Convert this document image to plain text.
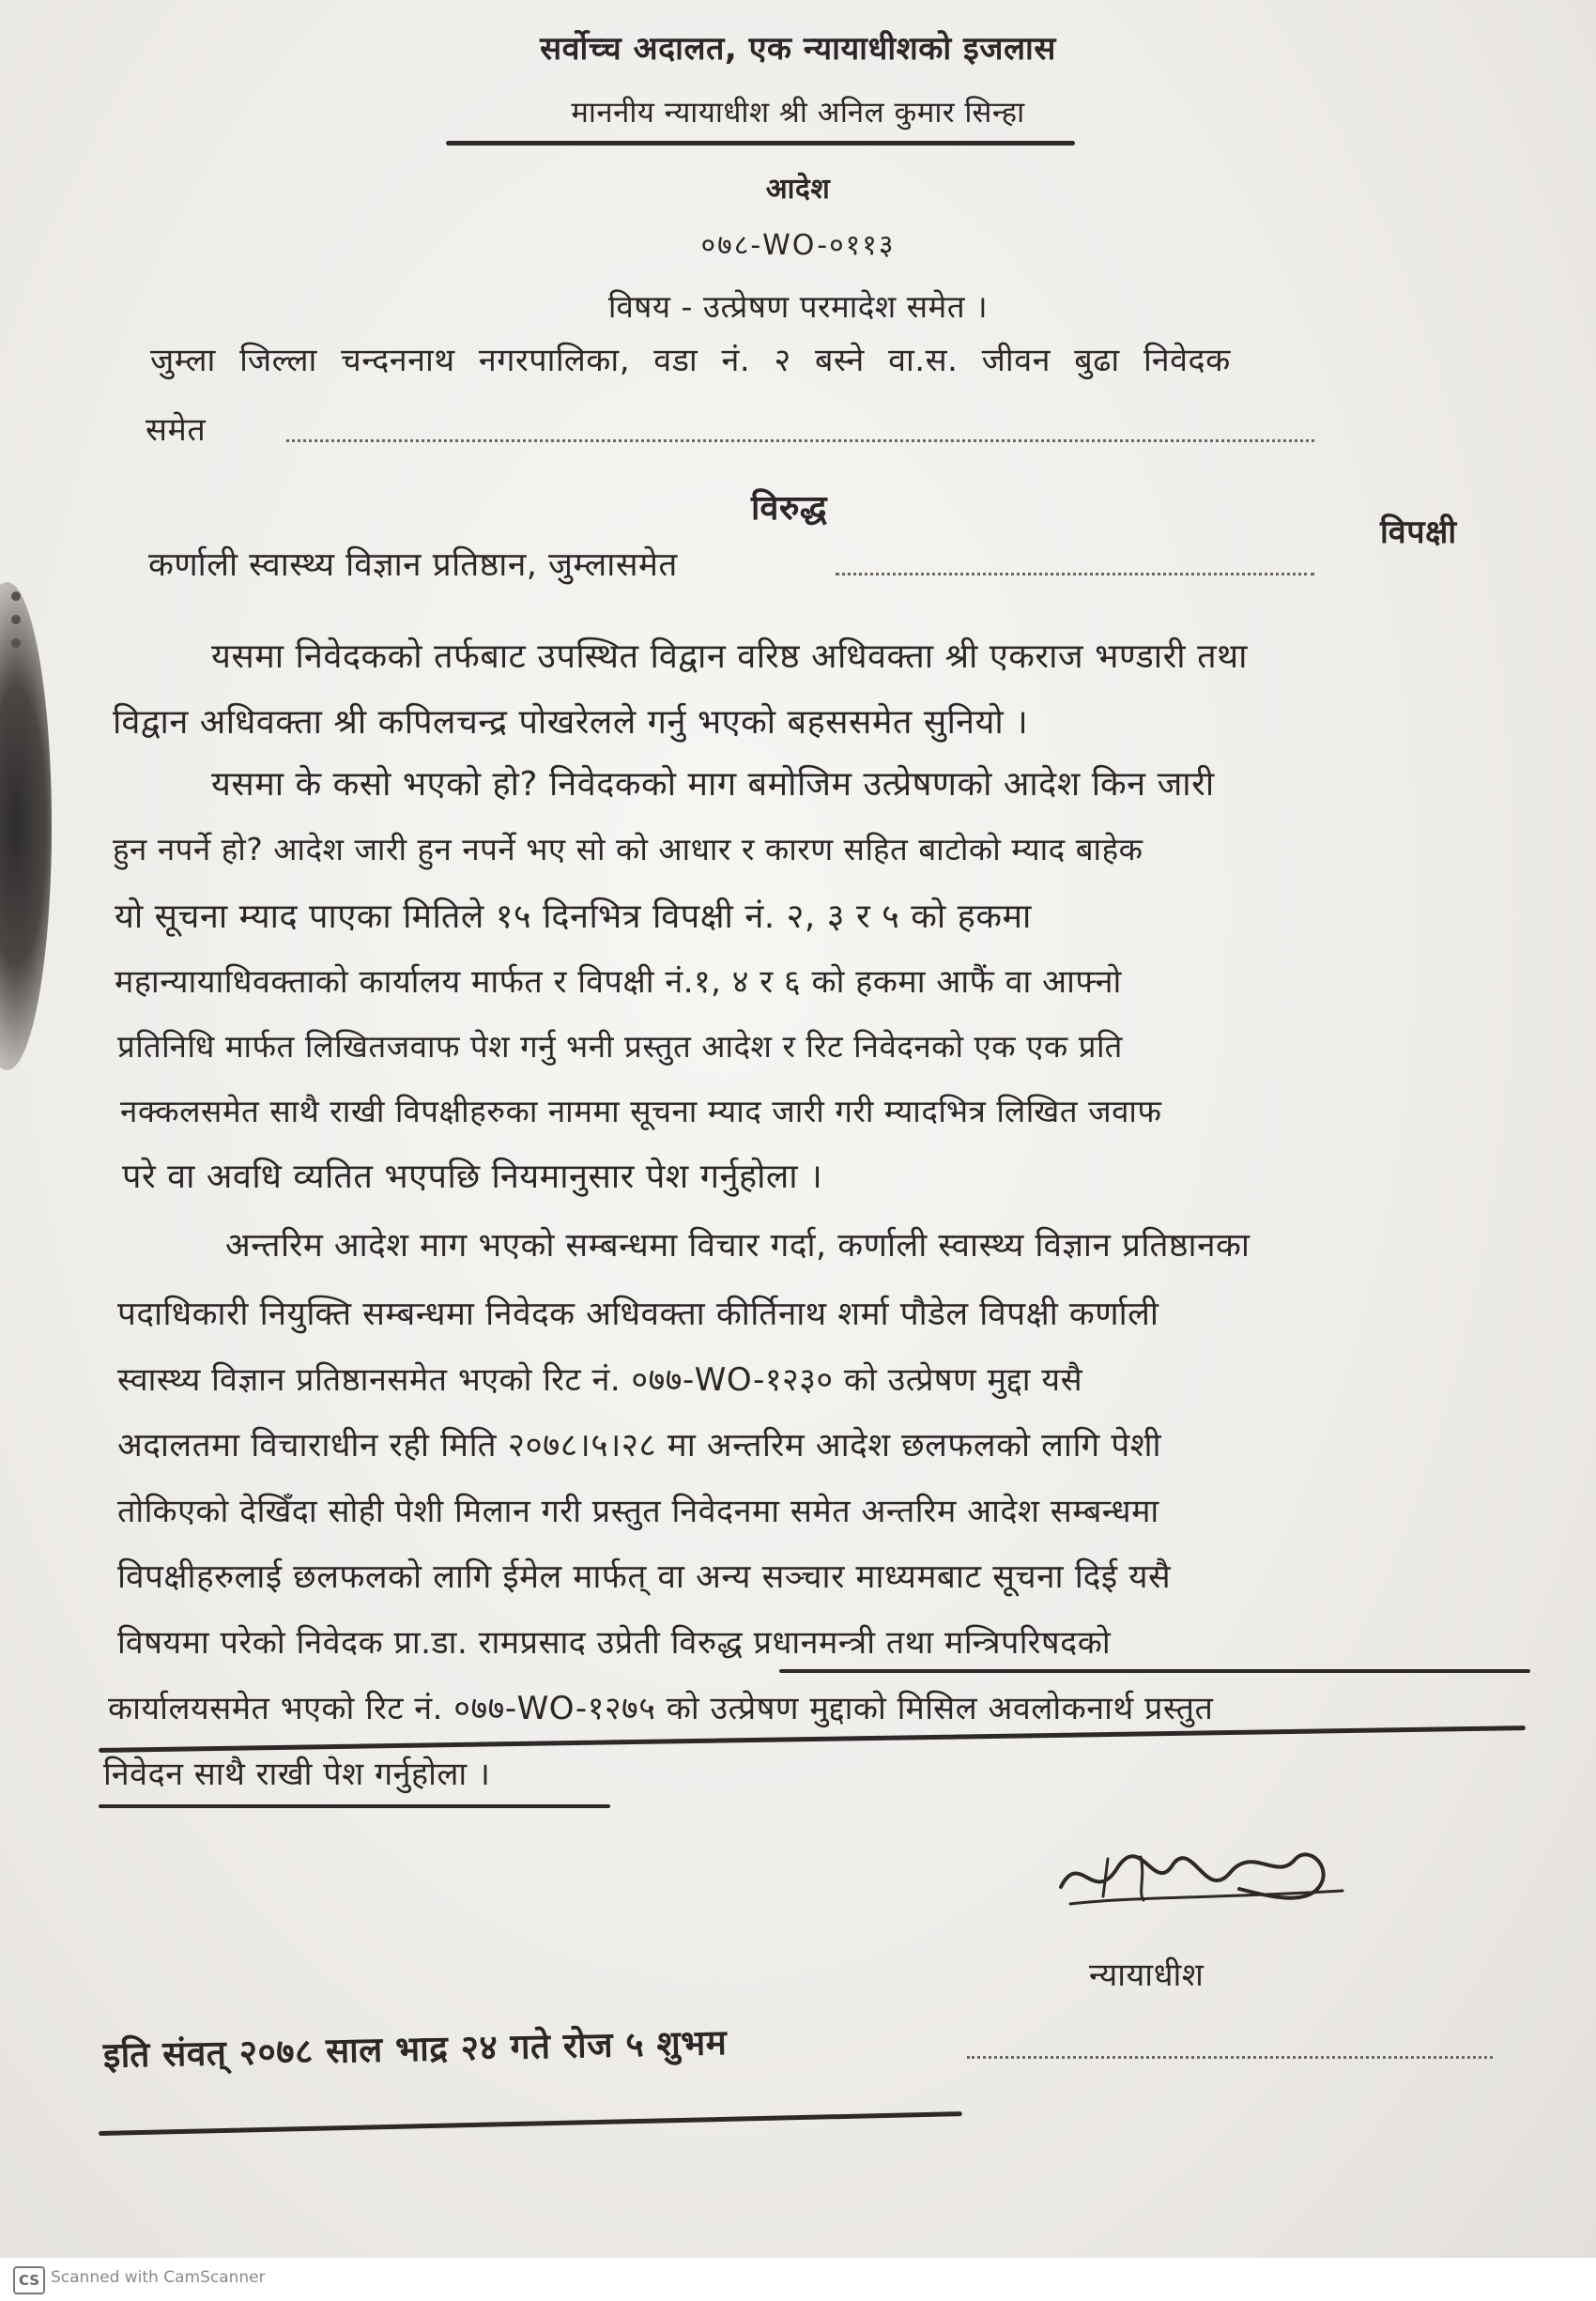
सर्वोच्च अदालत, एक न्यायाधीशको इजलास
माननीय न्यायाधीश श्री अनिल कुमार सिन्हा
आदेश
०७८-WO-०११३
विषय - उत्प्रेषण परमादेश समेत ।
जुम्ला जिल्ला चन्दननाथ नगरपालिका, वडा नं. २ बस्ने वा.स. जीवन बुढा निवेदक
समेत
विरुद्ध
विपक्षी
कर्णाली स्वास्थ्य विज्ञान प्रतिष्ठान, जुम्लासमेत
यसमा निवेदकको तर्फबाट उपस्थित विद्वान वरिष्ठ अधिवक्ता श्री एकराज भण्डारी तथा
विद्वान अधिवक्ता श्री कपिलचन्द्र पोखरेलले गर्नु भएको बहससमेत सुनियो ।
यसमा के कसो भएको हो? निवेदकको माग बमोजिम उत्प्रेषणको आदेश किन जारी
हुन नपर्ने हो? आदेश जारी हुन नपर्ने भए सो को आधार र कारण सहित बाटोको म्याद बाहेक
यो सूचना म्याद पाएका मितिले १५ दिनभित्र विपक्षी नं. २, ३ र ५ को हकमा
महान्यायाधिवक्ताको कार्यालय मार्फत र विपक्षी नं.१, ४ र ६ को हकमा आफैं वा आफ्नो
प्रतिनिधि मार्फत लिखितजवाफ पेश गर्नु भनी प्रस्तुत आदेश र रिट निवेदनको एक एक प्रति
नक्कलसमेत साथै राखी विपक्षीहरुका नाममा सूचना म्याद जारी गरी म्यादभित्र लिखित जवाफ
परे वा अवधि व्यतित भएपछि नियमानुसार पेश गर्नुहोला ।
अन्तरिम आदेश माग भएको सम्बन्धमा विचार गर्दा, कर्णाली स्वास्थ्य विज्ञान प्रतिष्ठानका
पदाधिकारी नियुक्ति सम्बन्धमा निवेदक अधिवक्ता कीर्तिनाथ शर्मा पौडेल विपक्षी कर्णाली
स्वास्थ्य विज्ञान प्रतिष्ठानसमेत भएको रिट नं. ०७७-WO-१२३० को उत्प्रेषण मुद्दा यसै
अदालतमा विचाराधीन रही मिति २०७८।५।२८ मा अन्तरिम आदेश छलफलको लागि पेशी
तोकिएको देखिँदा सोही पेशी मिलान गरी प्रस्तुत निवेदनमा समेत अन्तरिम आदेश सम्बन्धमा
विपक्षीहरुलाई छलफलको लागि ईमेल मार्फत् वा अन्य सञ्चार माध्यमबाट सूचना दिई यसै
विषयमा परेको निवेदक प्रा.डा. रामप्रसाद उप्रेती विरुद्ध प्रधानमन्त्री तथा मन्त्रिपरिषदको
कार्यालयसमेत भएको रिट नं. ०७७-WO-१२७५ को उत्प्रेषण मुद्दाको मिसिल अवलोकनार्थ प्रस्तुत
निवेदन साथै राखी पेश गर्नुहोला ।
न्यायाधीश
इति संवत् २०७८ साल भाद्र २४ गते रोज ५ शुभम
CS Scanned with CamScanner
